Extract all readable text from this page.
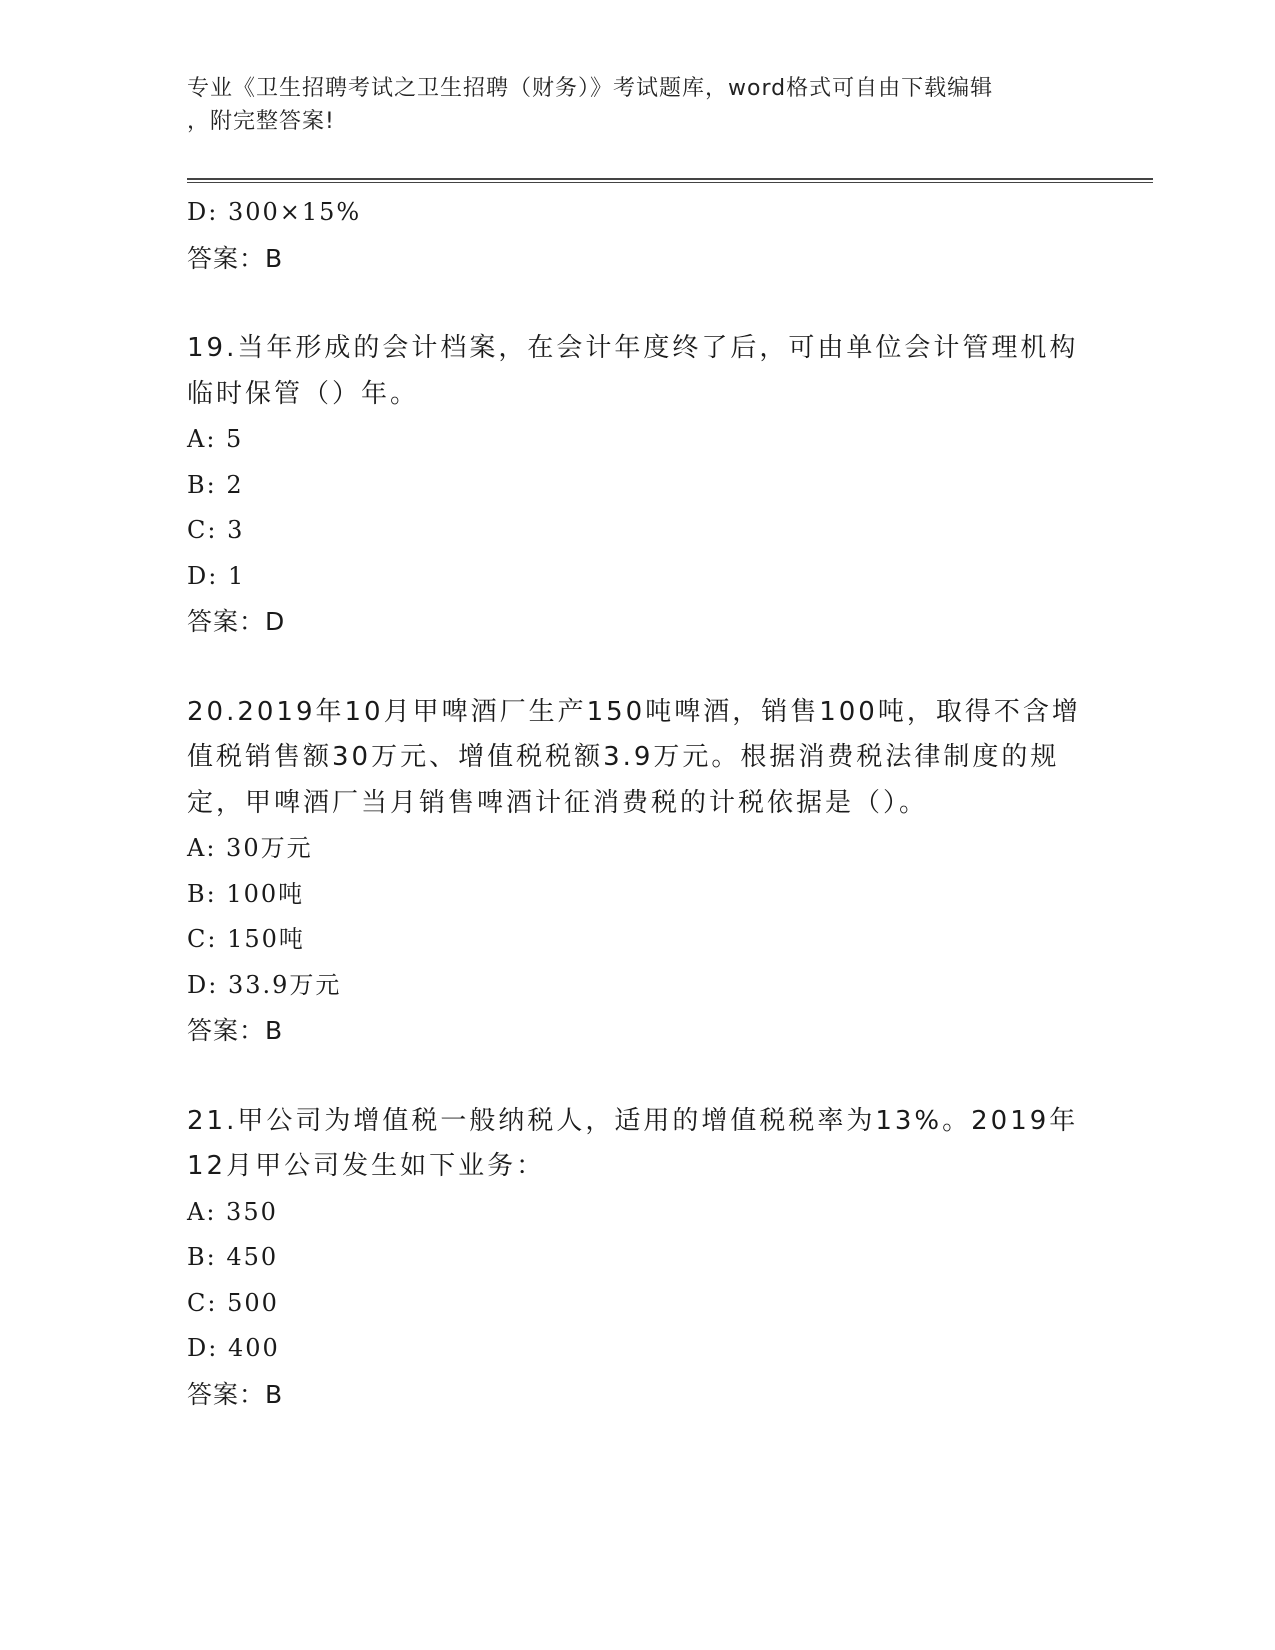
专业《卫生招聘考试之卫生招聘（财务）》考试题库，word格式可自由下载编辑
，附完整答案!
D: 300×15%
答案：B
19.当年形成的会计档案，在会计年度终了后，可由单位会计管理机构
临时保管（）年。
A: 5
B: 2
C: 3
D: 1
答案：D
20.2019年10月甲啤酒厂生产150吨啤酒，销售100吨，取得不含增
值税销售额30万元、增值税税额3.9万元。根据消费税法律制度的规
定，甲啤酒厂当月销售啤酒计征消费税的计税依据是（）。
A: 30万元
B: 100吨
C: 150吨
D: 33.9万元
答案：B
21.甲公司为增值税一般纳税人，适用的增值税税率为13%。2019年
12月甲公司发生如下业务：
A: 350
B: 450
C: 500
D: 400
答案：B
